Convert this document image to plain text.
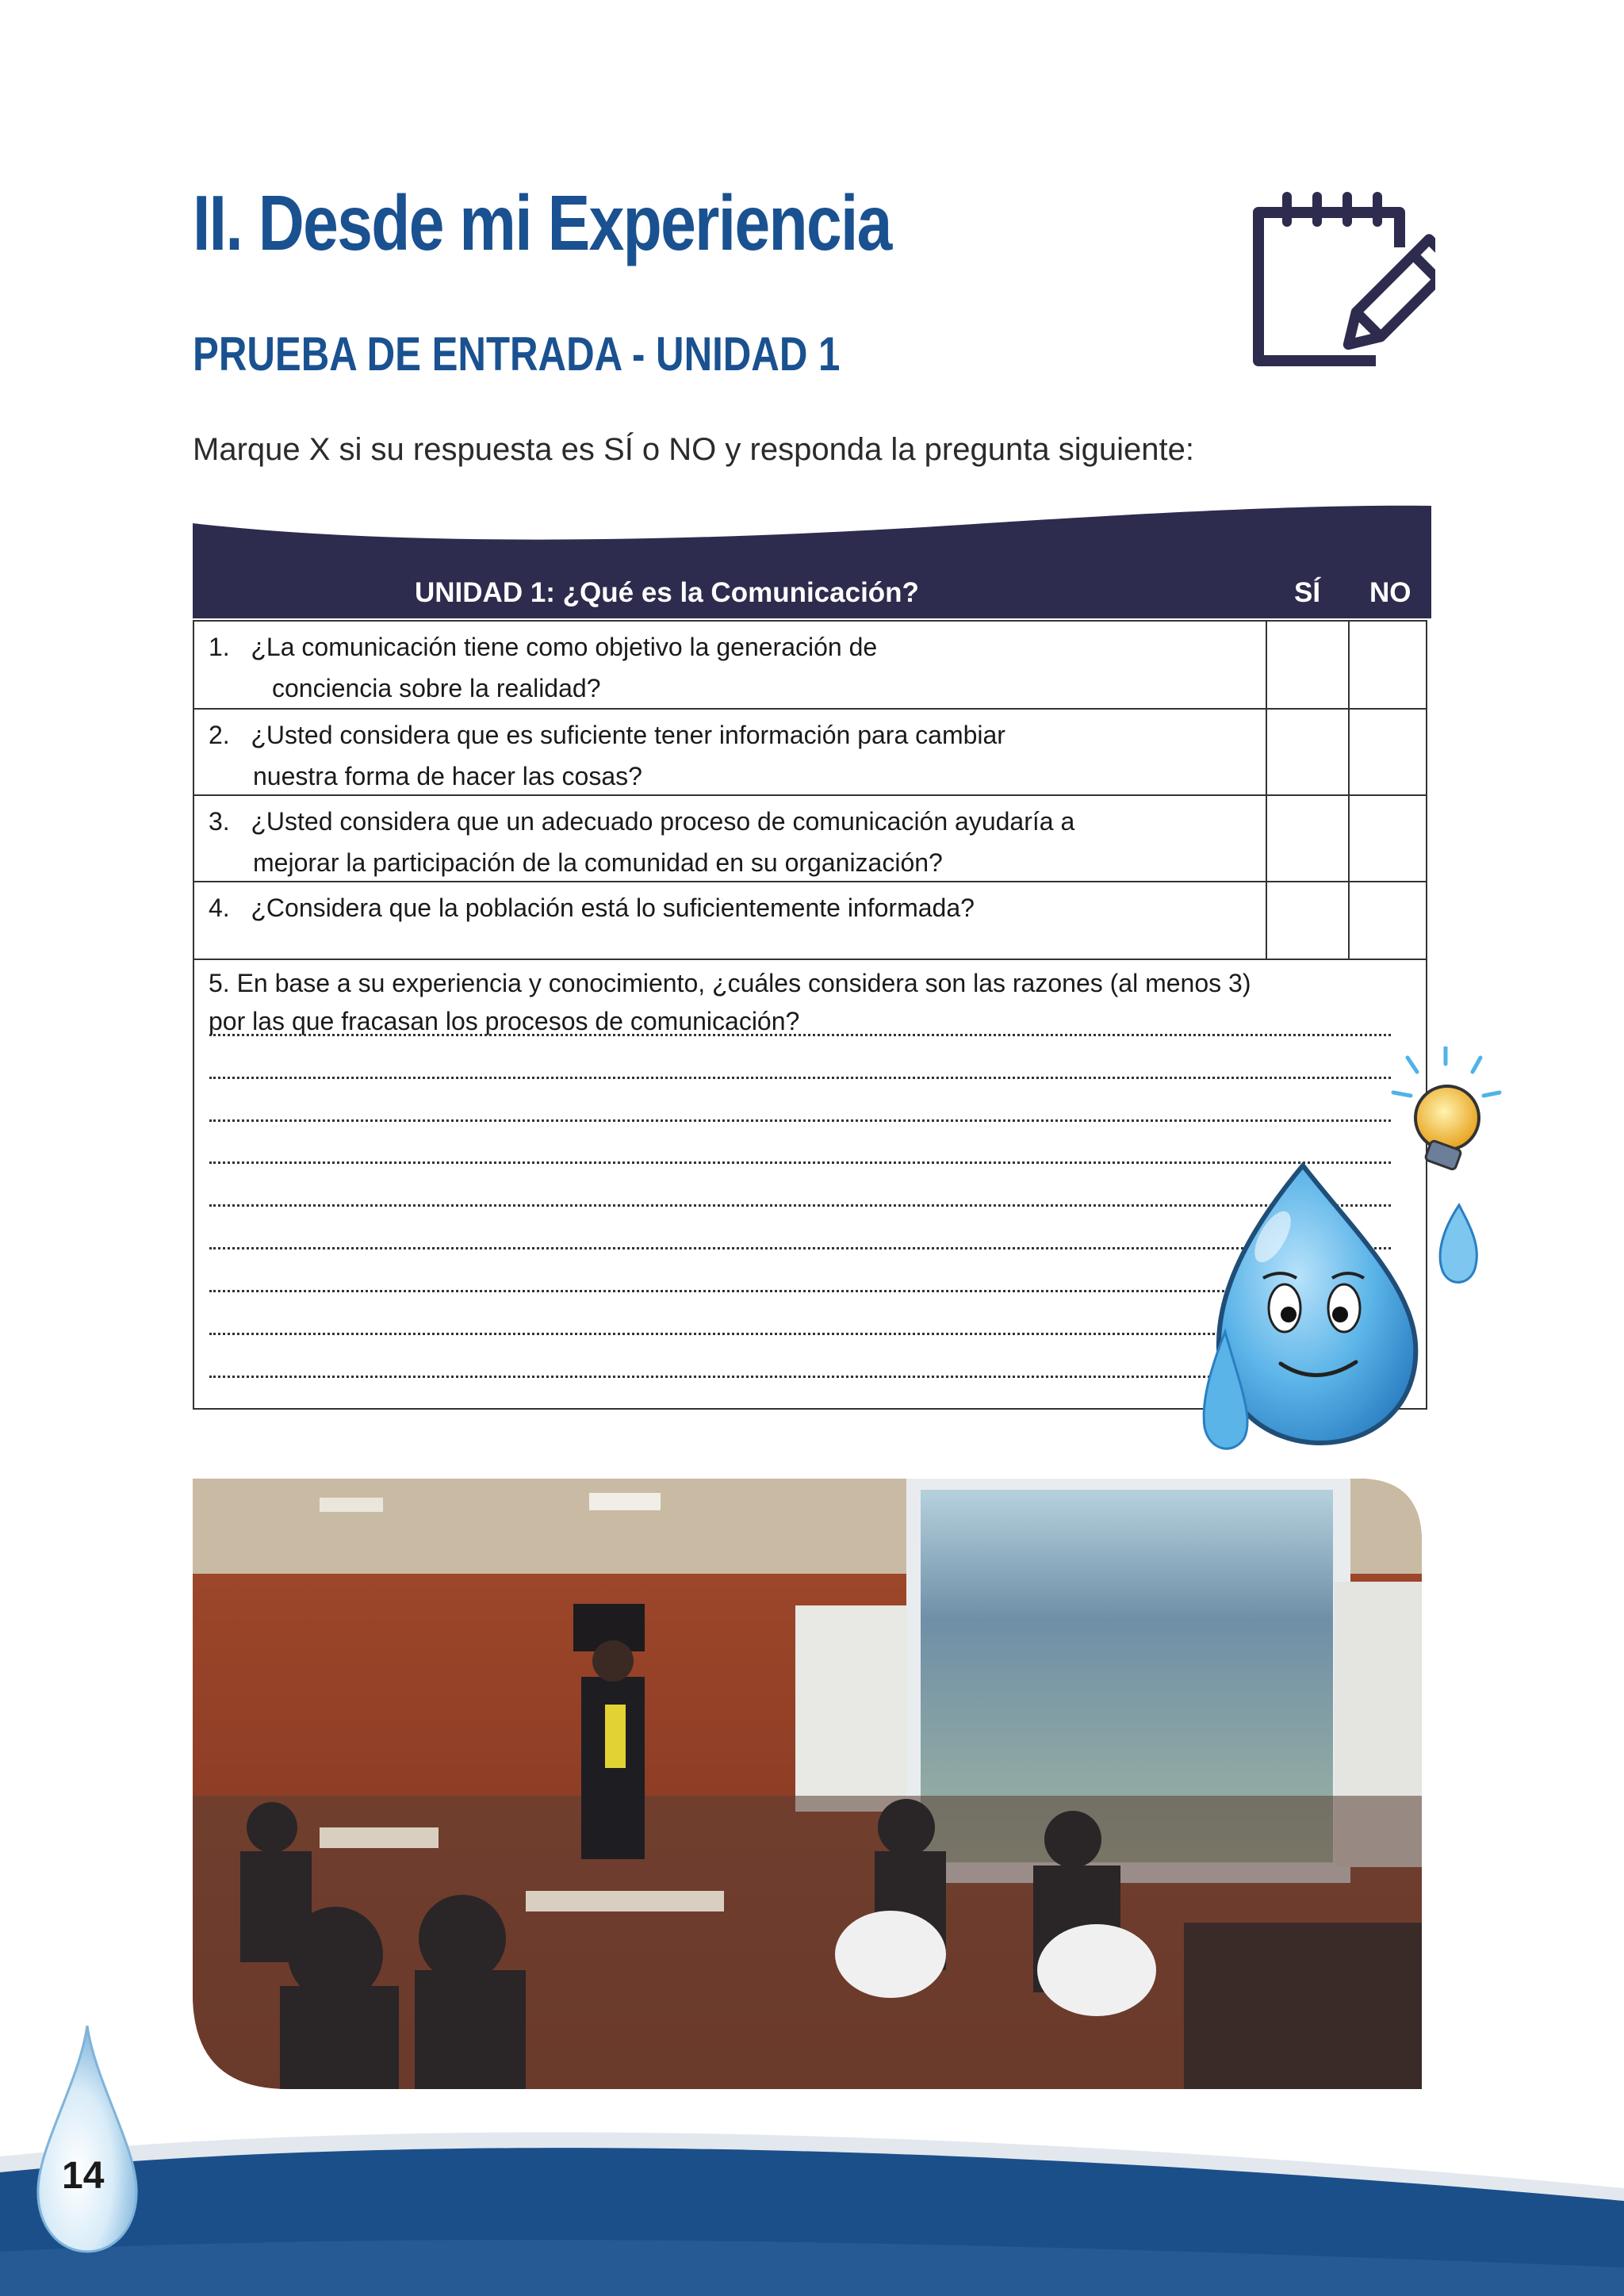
II. Desde mi Experiencia
PRUEBA DE ENTRADA - UNIDAD 1

Marque X si su respuesta es SÍ o NO y responda la pregunta siguiente:

UNIDAD 1: ¿Qué es la Comunicación?	SÍ NO
1. ¿La comunicación tiene como objetivo la generación de
conciencia sobre la realidad?
2. ¿Usted considera que es suficiente tener información para cambiar
nuestra forma de hacer las cosas?
3. ¿Usted considera que un adecuado proceso de comunicación ayudaría a
mejorar la participación de la comunidad en su organización?
4. ¿Considera que la población está lo suficientemente informada?
5. En base a su experiencia y conocimiento, ¿cuáles considera son las razones (al menos 3)
por las que fracasan los procesos de comunicación?
14
